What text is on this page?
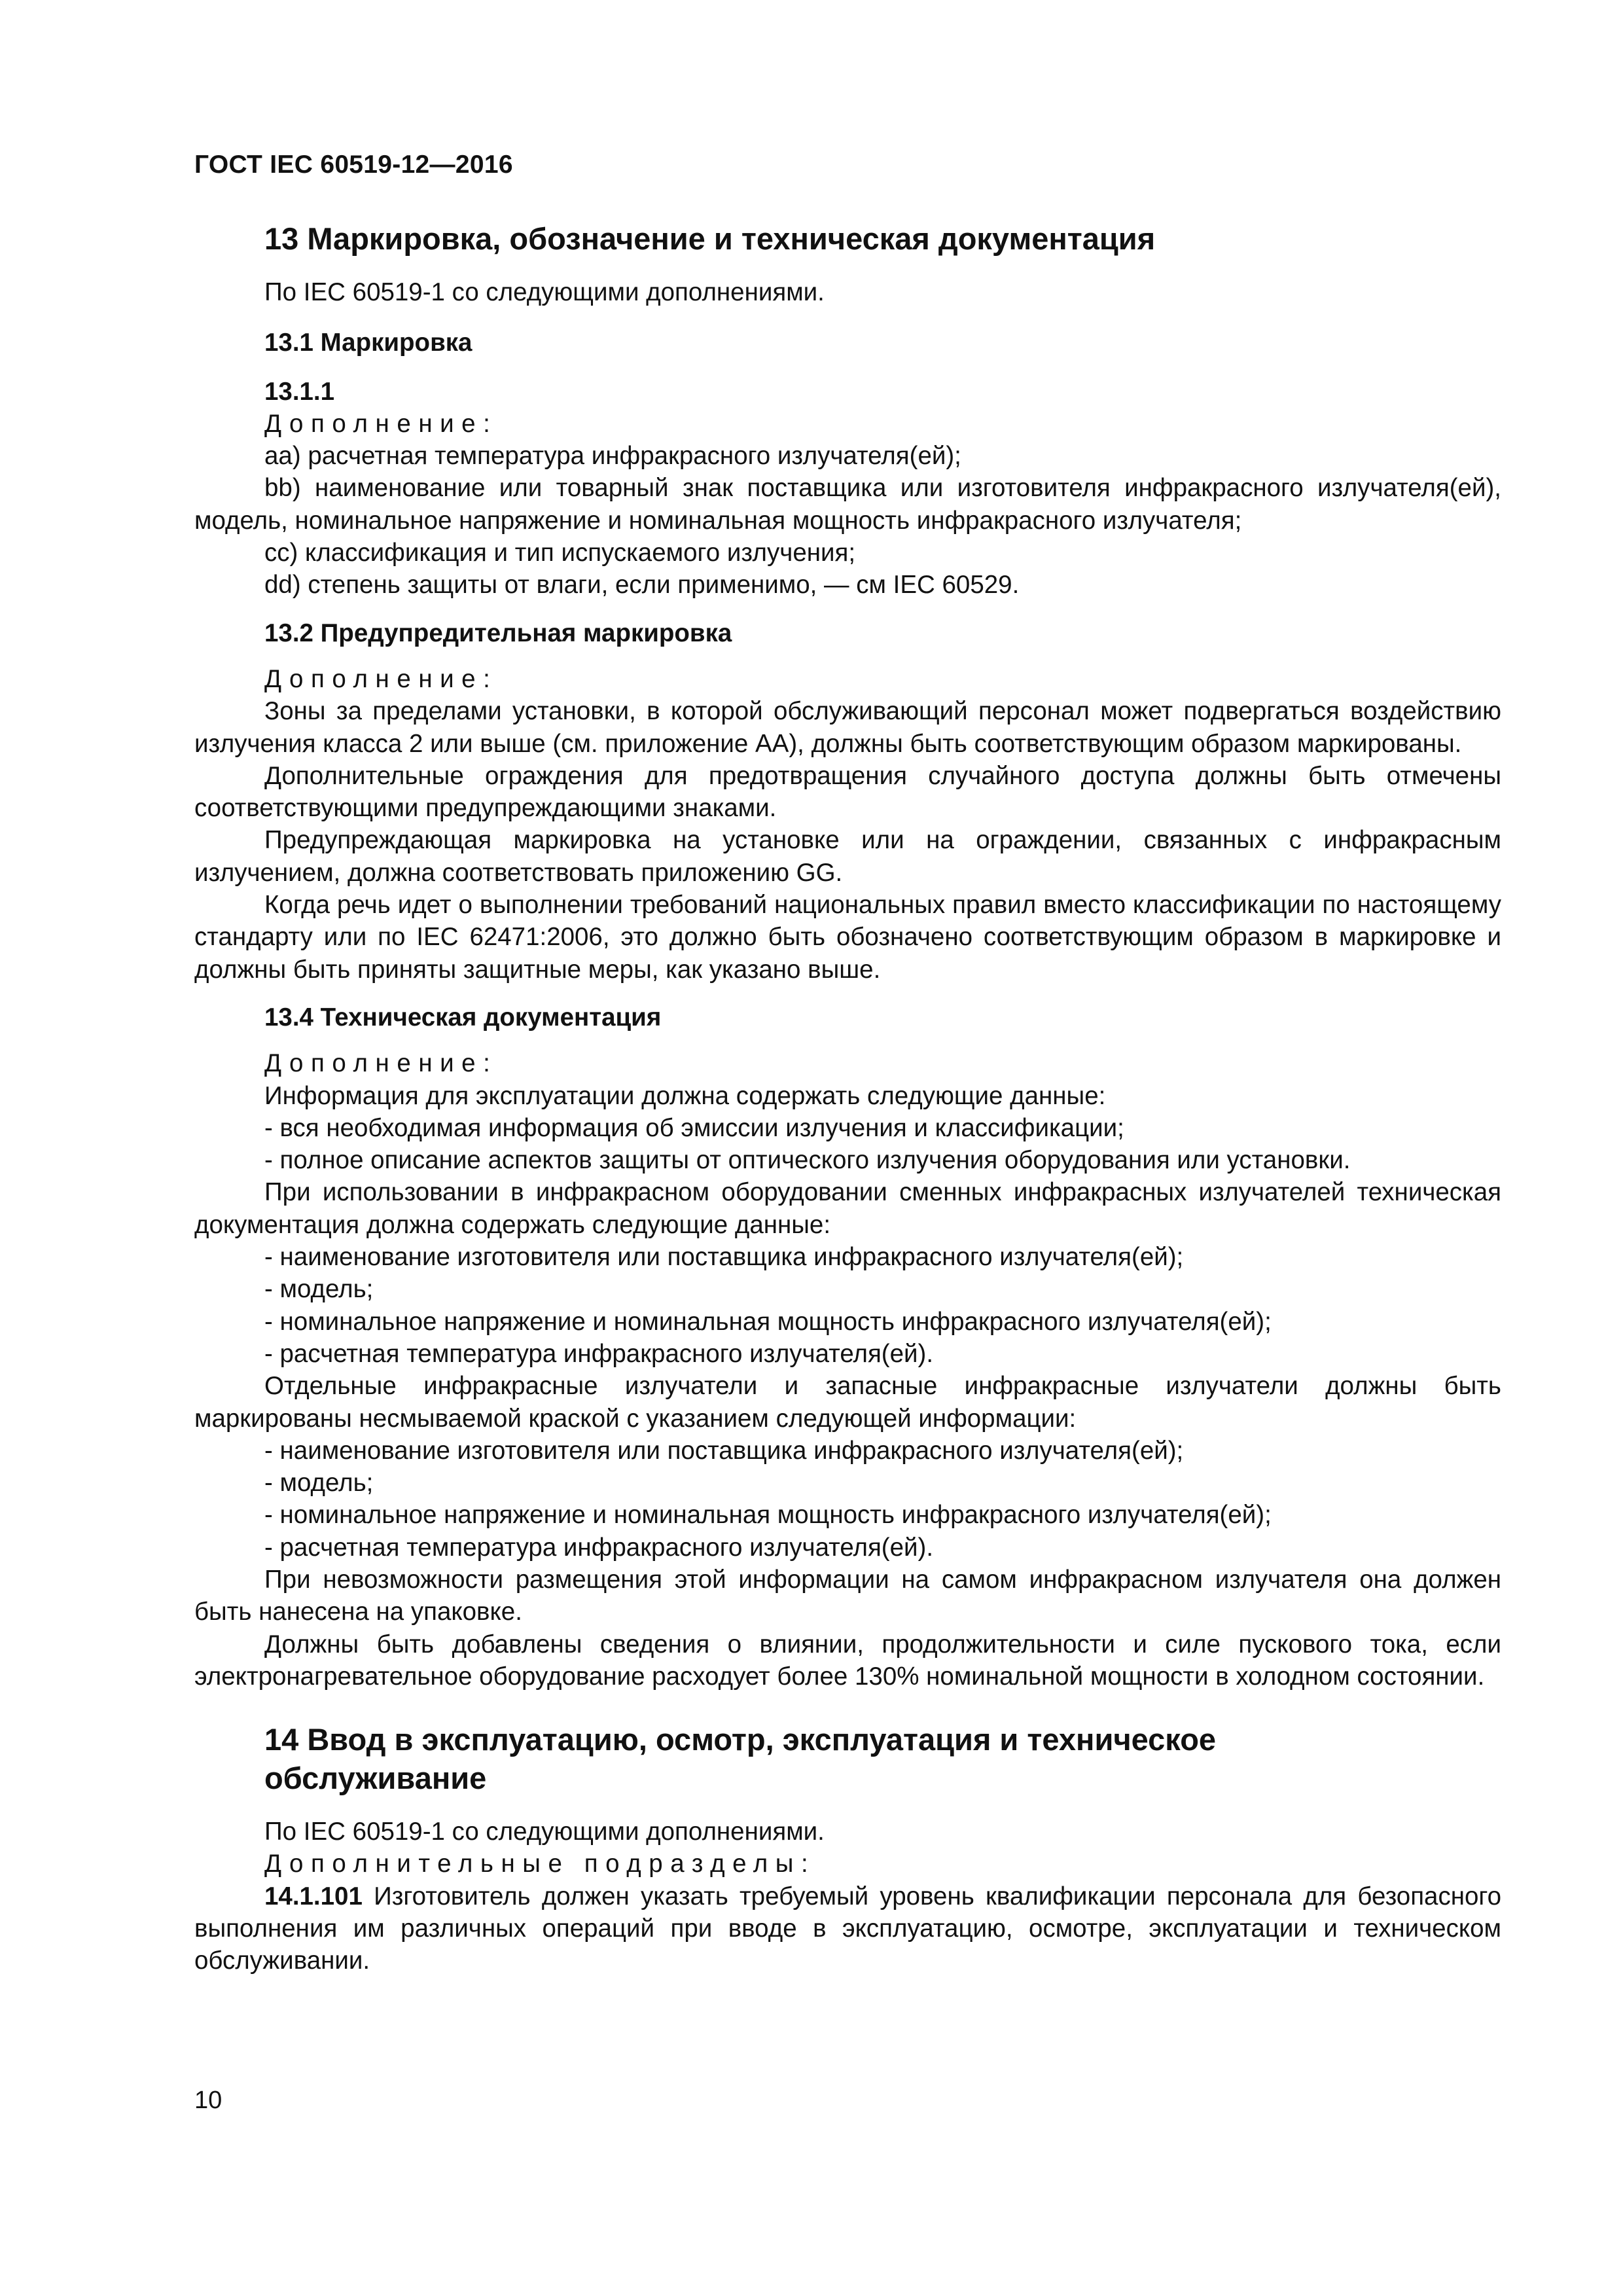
ГОСТ IEC 60519-12—2016
13 Маркировка, обозначение и техническая документация

По IEC 60519-1 со следующими дополнениями.

13.1 Маркировка

13.1.1

Дополнение:

аа) расчетная температура инфракрасного излучателя(ей);

bb) наименование или товарный знак поставщика или изготовителя инфракрасного излучателя(ей), модель, номинальное напряжение и номинальная мощность инфракрасного излучателя;

cc) классификация и тип испускаемого излучения;

dd) степень защиты от влаги, если применимо, — см IEC 60529.

13.2 Предупредительная маркировка

Дополнение:

Зоны за пределами установки, в которой обслуживающий персонал может подвергаться воздействию излучения класса 2 или выше (см. приложение АА), должны быть соответствующим образом маркированы.

Дополнительные ограждения для предотвращения случайного доступа должны быть отмечены соответствующими предупреждающими знаками.

Предупреждающая маркировка на установке или на ограждении, связанных с инфракрасным излучением, должна соответствовать приложению GG.

Когда речь идет о выполнении требований национальных правил вместо классификации по настоящему стандарту или по IEC 62471:2006, это должно быть обозначено соответствующим образом в маркировке и должны быть приняты защитные меры, как указано выше.

13.4 Техническая документация

Дополнение:

Информация для эксплуатации должна содержать следующие данные:

- вся необходимая информация об эмиссии излучения и классификации;

- полное описание аспектов защиты от оптического излучения оборудования или установки.

При использовании в инфракрасном оборудовании сменных инфракрасных излучателей техническая документация должна содержать следующие данные:

- наименование изготовителя или поставщика инфракрасного излучателя(ей);

- модель;

- номинальное напряжение и номинальная мощность инфракрасного излучателя(ей);

- расчетная температура инфракрасного излучателя(ей).

Отдельные инфракрасные излучатели и запасные инфракрасные излучатели должны быть маркированы несмываемой краской с указанием следующей информации:

- наименование изготовителя или поставщика инфракрасного излучателя(ей);

- модель;

- номинальное напряжение и номинальная мощность инфракрасного излучателя(ей);

- расчетная температура инфракрасного излучателя(ей).

При невозможности размещения этой информации на самом инфракрасном излучателя она должен быть нанесена на упаковке.

Должны быть добавлены сведения о влиянии, продолжительности и силе пускового тока, если электронагревательное оборудование расходует более 130% номинальной мощности в холодном состоянии.

14 Ввод в эксплуатацию, осмотр, эксплуатация и техническое обслуживание

По IEC 60519-1 со следующими дополнениями.

Дополнительные подразделы:

14.1.101 Изготовитель должен указать требуемый уровень квалификации персонала для безопасного выполнения им различных операций при вводе в эксплуатацию, осмотре, эксплуатации и техническом обслуживании.

10
